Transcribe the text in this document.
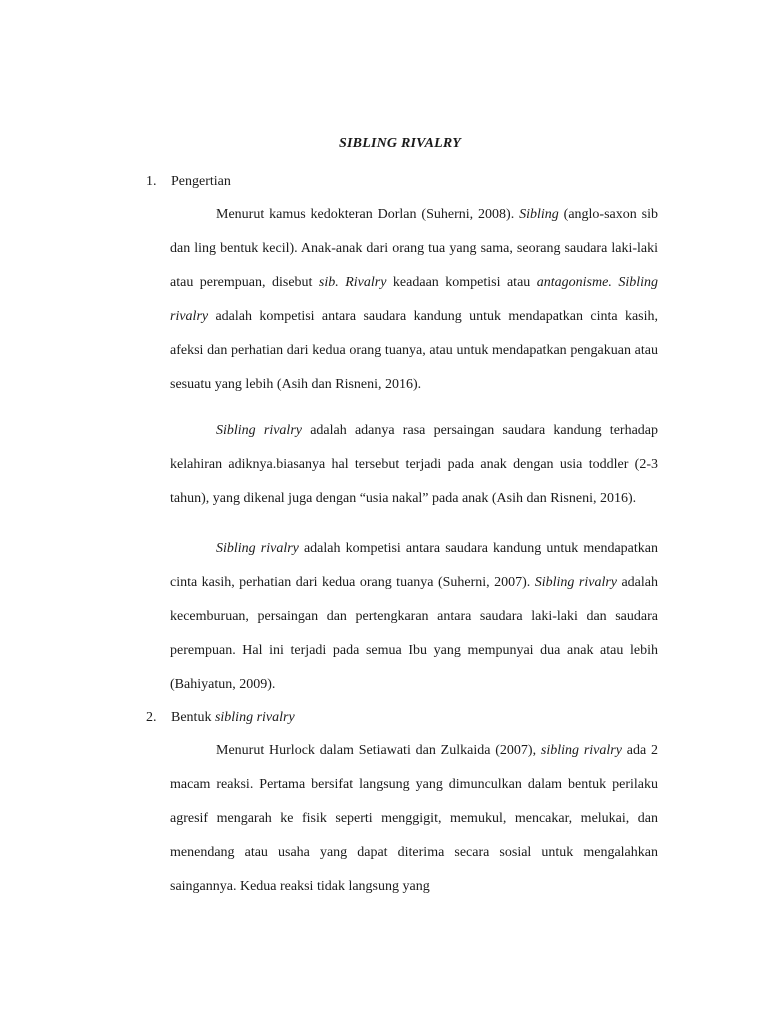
SIBLING RIVALRY
1. Pengertian

Menurut kamus kedokteran Dorlan (Suherni, 2008). Sibling (anglo-saxon sib dan ling bentuk kecil). Anak-anak dari orang tua yang sama, seorang saudara laki-laki atau perempuan, disebut sib. Rivalry keadaan kompetisi atau antagonisme. Sibling rivalry adalah kompetisi antara saudara kandung untuk mendapatkan cinta kasih, afeksi dan perhatian dari kedua orang tuanya, atau untuk mendapatkan pengakuan atau sesuatu yang lebih (Asih dan Risneni, 2016).

Sibling rivalry adalah adanya rasa persaingan saudara kandung terhadap kelahiran adiknya.biasanya hal tersebut terjadi pada anak dengan usia toddler (2-3 tahun), yang dikenal juga dengan “usia nakal” pada anak (Asih dan Risneni, 2016).

Sibling rivalry adalah kompetisi antara saudara kandung untuk mendapatkan cinta kasih, perhatian dari kedua orang tuanya (Suherni, 2007). Sibling rivalry adalah kecemburuan, persaingan dan pertengkaran antara saudara laki-laki dan saudara perempuan. Hal ini terjadi pada semua Ibu yang mempunyai dua anak atau lebih (Bahiyatun, 2009).

2. Bentuk sibling rivalry

Menurut Hurlock dalam Setiawati dan Zulkaida (2007), sibling rivalry ada 2 macam reaksi. Pertama bersifat langsung yang dimunculkan dalam bentuk perilaku agresif mengarah ke fisik seperti menggigit, memukul, mencakar, melukai, dan menendang atau usaha yang dapat diterima secara sosial untuk mengalahkan saingannya. Kedua reaksi tidak langsung yang
